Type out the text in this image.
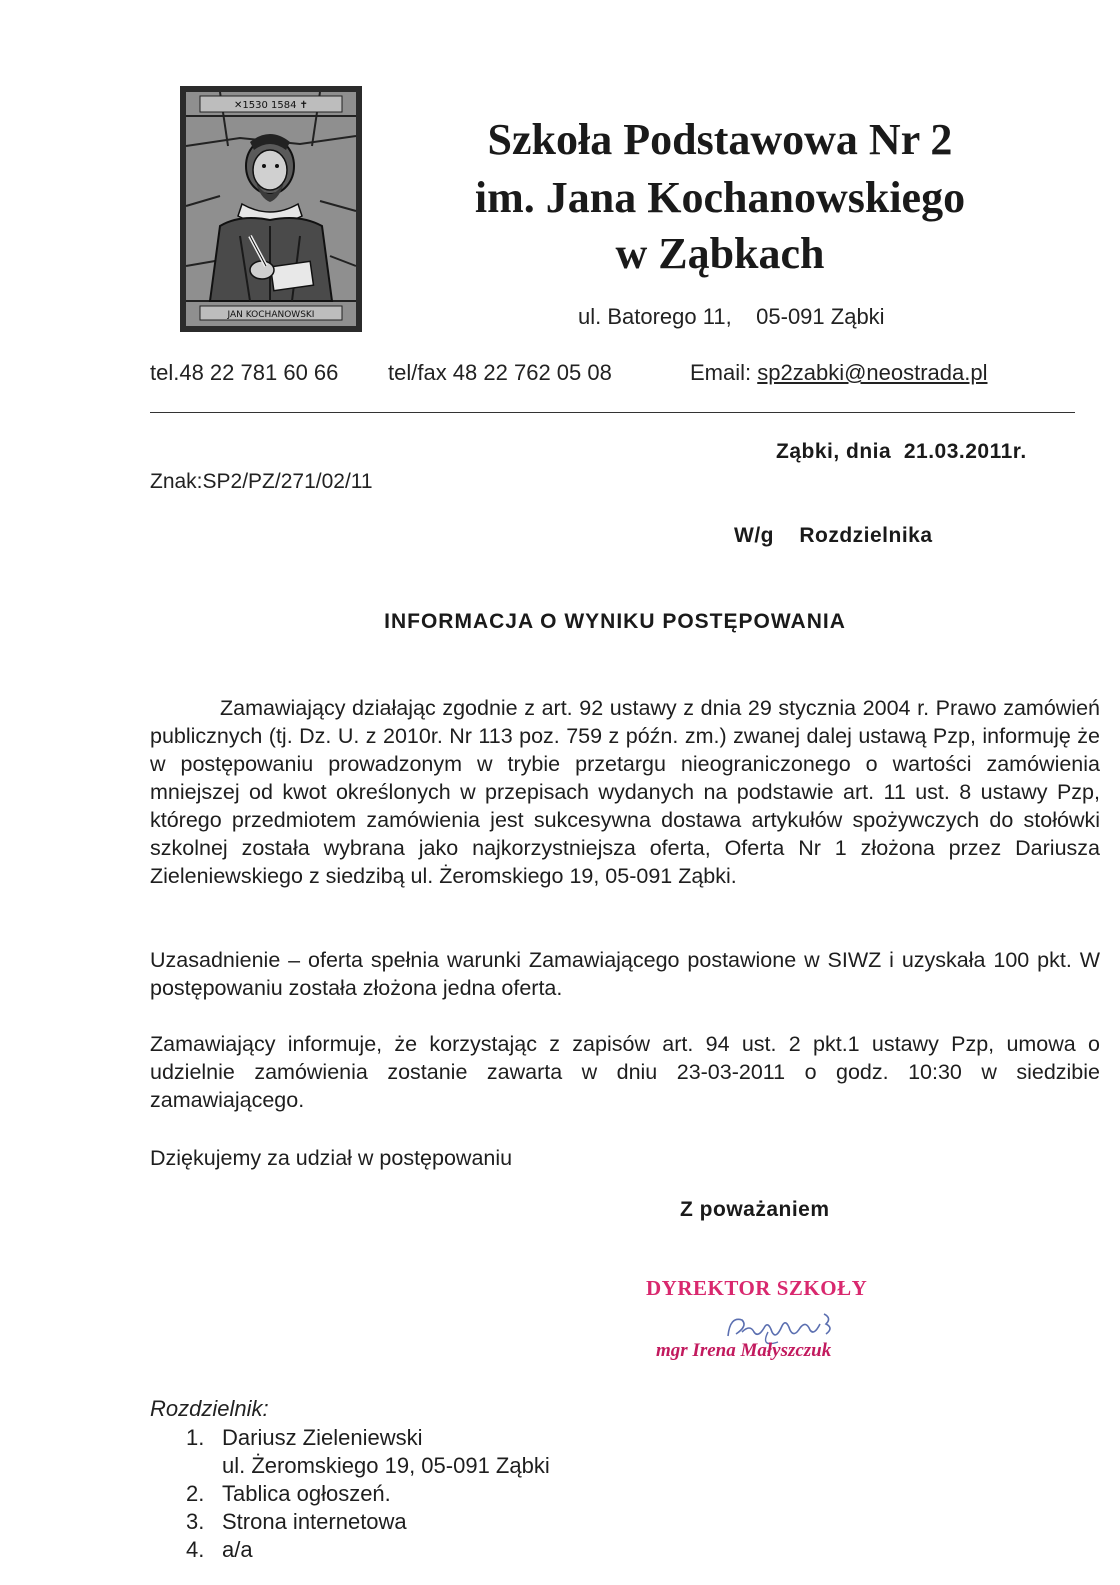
✕1530 1584 ✝
JAN KOCHANOWSKI
Szkoła Podstawowa Nr 2
im. Jana Kochanowskiego
w Ząbkach
ul. Batorego 11,    05-091 Ząbki
tel.48 22 781 60 66 tel/fax 48 22 762 05 08	Email: sp2zabki@neostrada.pl
Ząbki, dnia  21.03.2011r.
Znak:SP2/PZ/271/02/11
W/g    Rozdzielnika
INFORMACJA O WYNIKU POSTĘPOWANIA
Zamawiający działając zgodnie z art. 92 ustawy z dnia 29 stycznia 2004 r. Prawo zamówień publicznych (tj. Dz. U. z 2010r. Nr 113 poz. 759 z późn. zm.) zwanej dalej ustawą Pzp, informuję że w postępowaniu prowadzonym w trybie przetargu nieograniczonego o wartości zamówienia mniejszej od kwot określonych w przepisach wydanych na podstawie art. 11 ust. 8 ustawy Pzp, którego przedmiotem zamówienia jest sukcesywna dostawa artykułów spożywczych do stołówki szkolnej została wybrana jako najkorzystniejsza oferta, Oferta Nr 1 złożona przez Dariusza Zieleniewskiego z siedzibą ul. Żeromskiego 19, 05-091 Ząbki.
Uzasadnienie – oferta spełnia warunki Zamawiającego postawione w SIWZ i uzyskała 100 pkt. W postępowaniu została złożona jedna oferta.
Zamawiający informuje, że korzystając z zapisów art. 94 ust. 2 pkt.1 ustawy Pzp, umowa o udzielnie zamówienia zostanie zawarta w dniu 23-03-2011 o godz. 10:30 w siedzibie zamawiającego.
Dziękujemy za udział w postępowaniu
Z poważaniem
DYREKTOR SZKOŁY
mgr Irena Małyszczuk
Rozdzielnik:
1. Dariusz Zieleniewski
ul. Żeromskiego 19, 05-091 Ząbki
2. Tablica ogłoszeń.
3. Strona internetowa
4. a/a
